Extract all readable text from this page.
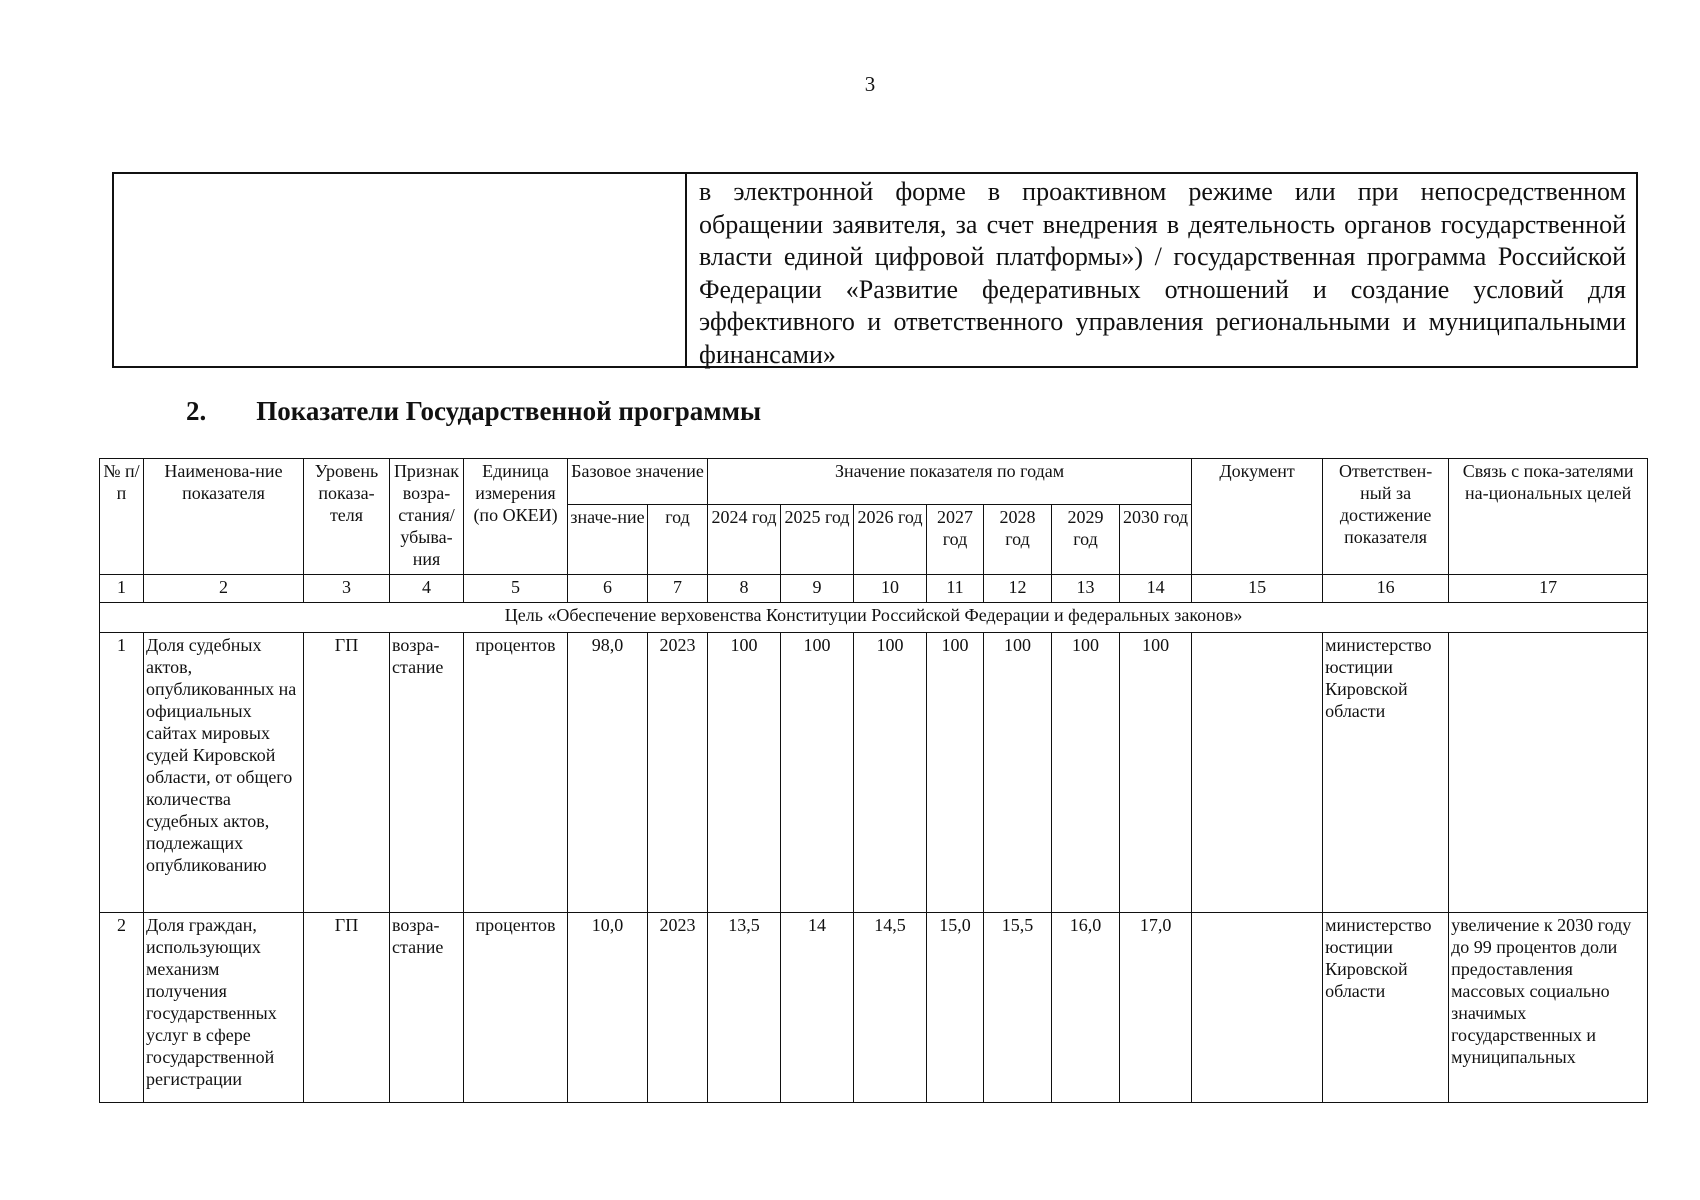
3
в электронной форме в проактивном режиме или при непосредственном обращении заявителя, за счет внедрения в деятельность органов государственной власти единой цифровой платформы») / государственная программа Российской Федерации «Развитие федеративных отношений и создание условий для эффективного и ответственного управления региональными и муниципальными финансами»
2. Показатели Государственной программы
№ п/п	Наименова-ние показателя	Уровень показа-теля	Признак возра-стания/ убыва-ния	Единица измерения (по ОКЕИ)	Базовое значение		Значение показателя по годам							Документ	Ответствен-ный за достижение показателя	Связь с пока-зателями на-циональных целей
					значе-ние	год	2024 год	2025 год	2026 год	2027 год	2028 год	2029 год	2030 год			
1	2	3	4	5	6	7	8	9	10	11	12	13	14	15	16	17
Цель «Обеспечение верховенства Конституции Российской Федерации и федеральных законов»																
1	Доля судебных актов, опубликованных на официальных сайтах мировых судей Кировской области, от общего количества судебных актов, подлежащих опубликованию	ГП	возра-стание	процентов	98,0	2023	100	100	100	100	100	100	100		министерство юстиции Кировской области	
2	Доля граждан, использующих механизм получения государственных услуг в сфере государственной регистрации	ГП	возра-стание	процентов	10,0	2023	13,5	14	14,5	15,0	15,5	16,0	17,0		министерство юстиции Кировской области	увеличение к 2030 году до 99 процентов доли предоставления массовых социально значимых государственных и муниципальных
